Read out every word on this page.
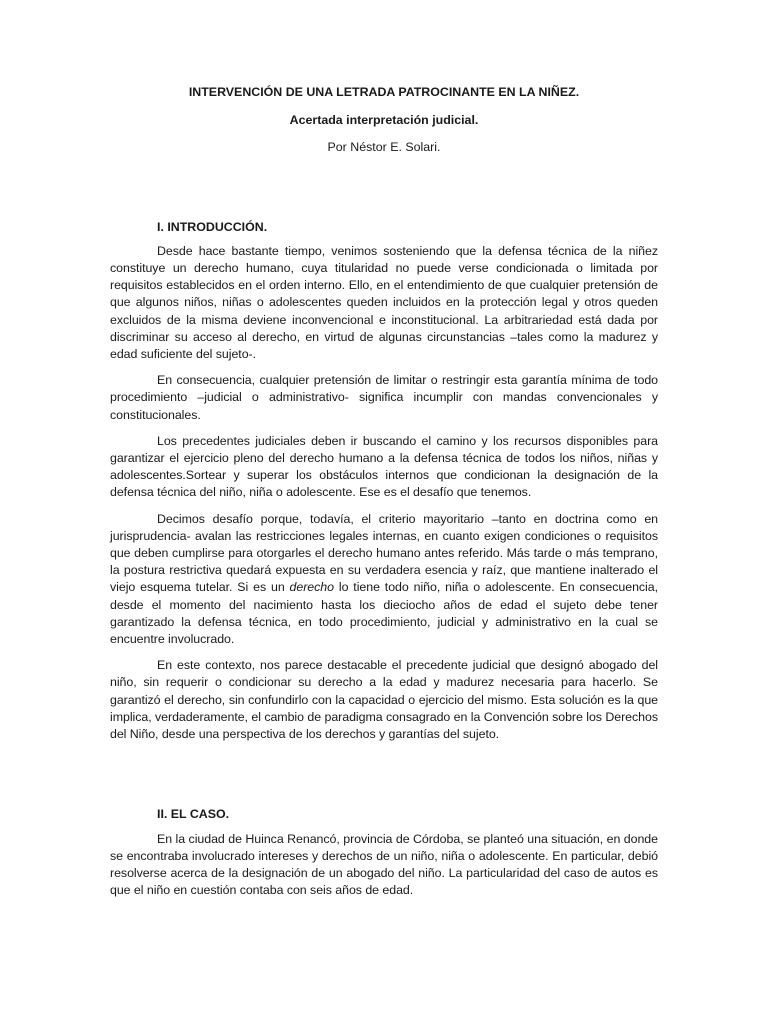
INTERVENCIÓN DE UNA LETRADA PATROCINANTE EN LA NIÑEZ.
Acertada interpretación judicial.
Por Néstor E. Solari.
I. INTRODUCCIÓN.

Desde hace bastante tiempo, venimos sosteniendo que la defensa técnica de la niñez constituye un derecho humano, cuya titularidad no puede verse condicionada o limitada por requisitos establecidos en el orden interno. Ello, en el entendimiento de que cualquier pretensión de que algunos niños, niñas o adolescentes queden incluidos en la protección legal y otros queden excluidos de la misma deviene inconvencional e inconstitucional. La arbitrariedad está dada por discriminar su acceso al derecho, en virtud de algunas circunstancias –tales como la madurez y edad suficiente del sujeto-.

En consecuencia, cualquier pretensión de limitar o restringir esta garantía mínima de todo procedimiento –judicial o administrativo- significa incumplir con mandas convencionales y constitucionales.

Los precedentes judiciales deben ir buscando el camino y los recursos disponibles para garantizar el ejercicio pleno del derecho humano a la defensa técnica de todos los niños, niñas y adolescentes.Sortear y superar los obstáculos internos que condicionan la designación de la defensa técnica del niño, niña o adolescente. Ese es el desafío que tenemos.

Decimos desafío porque, todavía, el criterio mayoritario –tanto en doctrina como en jurisprudencia- avalan las restricciones legales internas, en cuanto exigen condiciones o requisitos que deben cumplirse para otorgarles el derecho humano antes referido. Más tarde o más temprano, la postura restrictiva quedará expuesta en su verdadera esencia y raíz, que mantiene inalterado el viejo esquema tutelar. Si es un derecho lo tiene todo niño, niña o adolescente. En consecuencia, desde el momento del nacimiento hasta los dieciocho años de edad el sujeto debe tener garantizado la defensa técnica, en todo procedimiento, judicial y administrativo en la cual se encuentre involucrado.

En este contexto, nos parece destacable el precedente judicial que designó abogado del niño, sin requerir o condicionar su derecho a la edad y madurez necesaria para hacerlo. Se garantizó el derecho, sin confundirlo con la capacidad o ejercicio del mismo. Esta solución es la que implica, verdaderamente, el cambio de paradigma consagrado en la Convención sobre los Derechos del Niño, desde una perspectiva de los derechos y garantías del sujeto.

II. EL CASO.

En la ciudad de Huinca Renancó, provincia de Córdoba, se planteó una situación, en donde se encontraba involucrado intereses y derechos de un niño, niña o adolescente. En particular, debió resolverse acerca de la designación de un abogado del niño. La particularidad del caso de autos es que el niño en cuestión contaba con seis años de edad.
